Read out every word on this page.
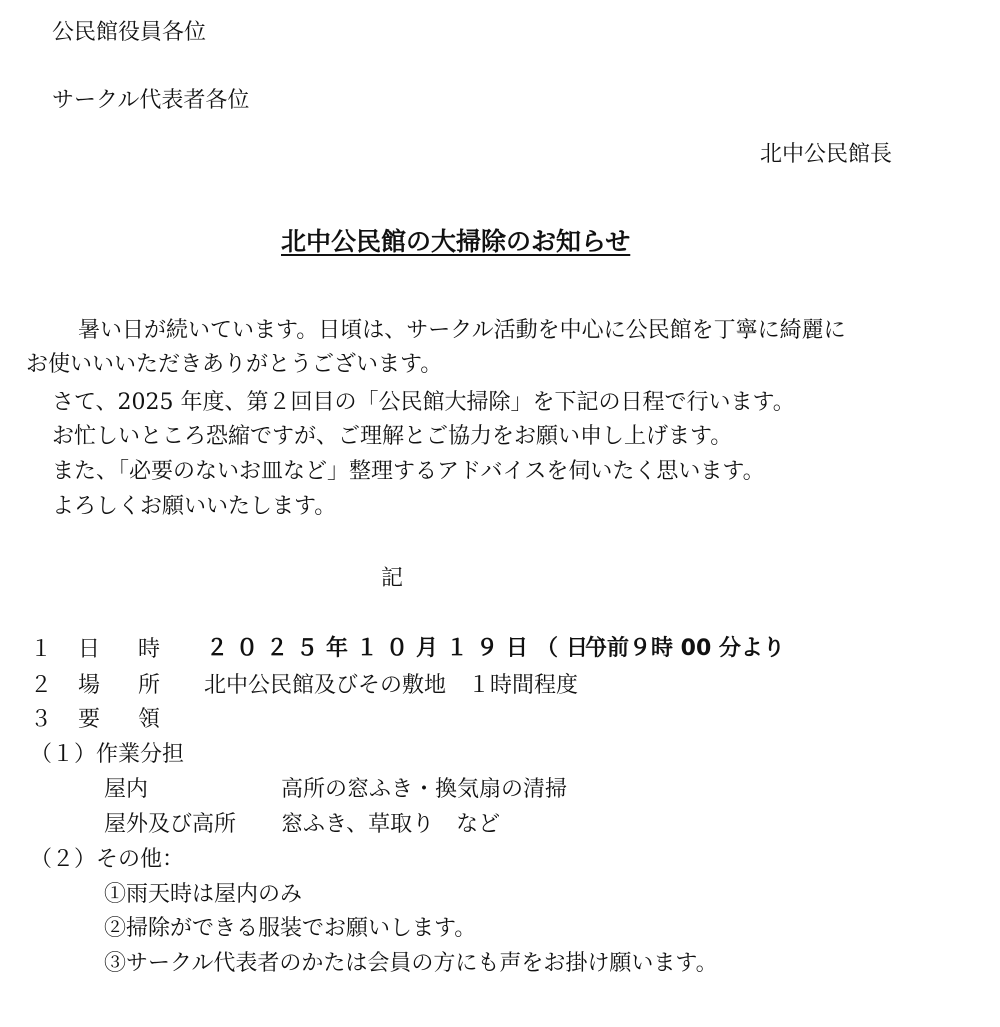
公民館役員各位
サークル代表者各位
北中公民館長
北中公民館の大掃除のお知らせ
暑い日が続いています。日頃は、サークル活動を中心に公民館を丁寧に綺麗に
お使いいいただきありがとうございます。
さて、2025 年度、第２回目の「公民館大掃除」を下記の日程で行います。
お忙しいところ恐縮ですが、ご理解とご協力をお願い申し上げます。
また、「必要のないお皿など」整理するアドバイスを伺いたく思います。
よろしくお願いいたします。
記
１ 日　時 ２０２５年１０月１９日（日）
午前９時 00 分より
２ 場　所 北中公民館及びその敷地　１時間程度
３ 要　領
（１）作業分担
屋内	高所の窓ふき・換気扇の清掃
屋外及び高所 窓ふき、草取り　など
（２）その他：
①雨天時は屋内のみ
②掃除ができる服装でお願いします。
③サークル代表者のかたは会員の方にも声をお掛け願います。
